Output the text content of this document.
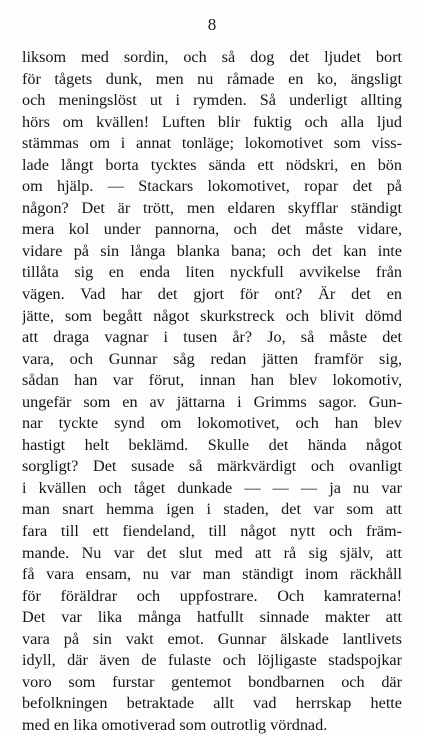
8
liksom med sordin, och så dog det ljudet bort
för tågets dunk, men nu råmade en ko, ängsligt
och meningslöst ut i rymden. Så underligt allting
hörs om kvällen! Luften blir fuktig och alla ljud
stämmas om i annat tonläge; lokomotivet som viss-
lade långt borta tycktes sända ett nödskri, en bön
om hjälp. — Stackars lokomotivet, ropar det på
någon? Det är trött, men eldaren skyfflar ständigt
mera kol under pannorna, och det måste vidare,
vidare på sin långa blanka bana; och det kan inte
tillåta sig en enda liten nyckfull avvikelse från
vägen. Vad har det gjort för ont? Är det en
jätte, som begått något skurkstreck och blivit dömd
att draga vagnar i tusen år? Jo, så måste det
vara, och Gunnar såg redan jätten framför sig,
sådan han var förut, innan han blev lokomotiv,
ungefär som en av jättarna i Grimms sagor. Gun-
nar tyckte synd om lokomotivet, och han blev
hastigt helt beklämd. Skulle det hända något
sorgligt? Det susade så märkvärdigt och ovanligt
i kvällen och tåget dunkade — — — ja nu var
man snart hemma igen i staden, det var som att
fara till ett fiendeland, till något nytt och främ-
mande. Nu var det slut med att rå sig själv, att
få vara ensam, nu var man ständigt inom räckhåll
för föräldrar och uppfostrare. Och kamraterna!
Det var lika många hatfullt sinnade makter att
vara på sin vakt emot. Gunnar älskade lantlivets
idyll, där även de fulaste och löjligaste stadspojkar
voro som furstar gentemot bondbarnen och där
befolkningen betraktade allt vad herrskap hette
med en lika omotiverad som outrotlig vördnad.
